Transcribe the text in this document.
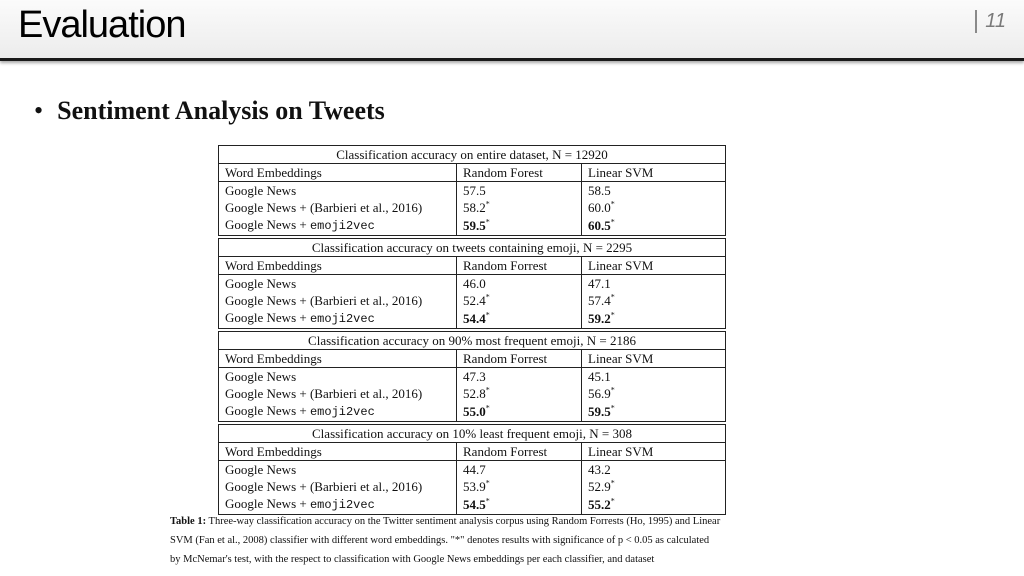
Evaluation	11
• Sentiment Analysis on Tweets
Classification accuracy on entire dataset, N = 12920		
Word Embeddings	Random Forest	Linear SVM
Google News	57.5	58.5
Google News + (Barbieri et al., 2016)	58.2*	60.0*
Google News + emoji2vec	59.5*	60.5*
Classification accuracy on tweets containing emoji, N = 2295		
Word Embeddings	Random Forrest	Linear SVM
Google News	46.0	47.1
Google News + (Barbieri et al., 2016)	52.4*	57.4*
Google News + emoji2vec	54.4*	59.2*
Classification accuracy on 90% most frequent emoji, N = 2186		
Word Embeddings	Random Forrest	Linear SVM
Google News	47.3	45.1
Google News + (Barbieri et al., 2016)	52.8*	56.9*
Google News + emoji2vec	55.0*	59.5*
Classification accuracy on 10% least frequent emoji, N = 308		
Word Embeddings	Random Forrest	Linear SVM
Google News	44.7	43.2
Google News + (Barbieri et al., 2016)	53.9*	52.9*
Google News + emoji2vec	54.5*	55.2*
Table 1: Three-way classification accuracy on the Twitter sentiment analysis corpus using Random Forrests (Ho, 1995) and Linear
SVM (Fan et al., 2008) classifier with different word embeddings. "*" denotes results with significance of p < 0.05 as calculated
by McNemar's test, with the respect to classification with Google News embeddings per each classifier, and dataset
